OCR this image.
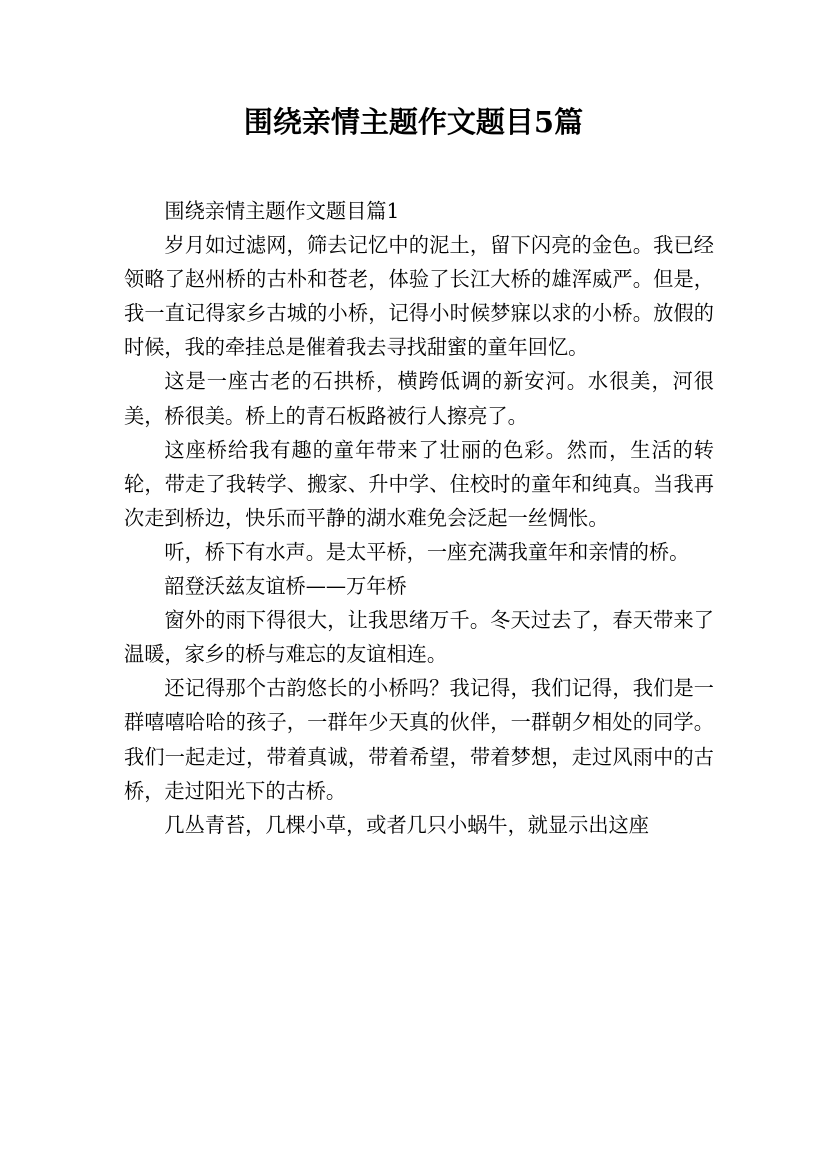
围绕亲情主题作文题目5篇

围绕亲情主题作文题目篇1

岁月如过滤网，筛去记忆中的泥土，留下闪亮的金色。我已经领略了赵州桥的古朴和苍老，体验了长江大桥的雄浑威严。但是，我一直记得家乡古城的小桥，记得小时候梦寐以求的小桥。放假的时候，我的牵挂总是催着我去寻找甜蜜的童年回忆。

这是一座古老的石拱桥，横跨低调的新安河。水很美，河很美，桥很美。桥上的青石板路被行人擦亮了。

这座桥给我有趣的童年带来了壮丽的色彩。然而，生活的转轮，带走了我转学、搬家、升中学、住校时的童年和纯真。当我再次走到桥边，快乐而平静的湖水难免会泛起一丝惆怅。

听，桥下有水声。是太平桥，一座充满我童年和亲情的桥。

韶登沃兹友谊桥——万年桥

窗外的雨下得很大，让我思绪万千。冬天过去了，春天带来了温暖，家乡的桥与难忘的友谊相连。

还记得那个古韵悠长的小桥吗？我记得，我们记得，我们是一群嘻嘻哈哈的孩子，一群年少天真的伙伴，一群朝夕相处的同学。我们一起走过，带着真诚，带着希望，带着梦想，走过风雨中的古桥，走过阳光下的古桥。

几丛青苔，几棵小草，或者几只小蜗牛，就显示出这座
